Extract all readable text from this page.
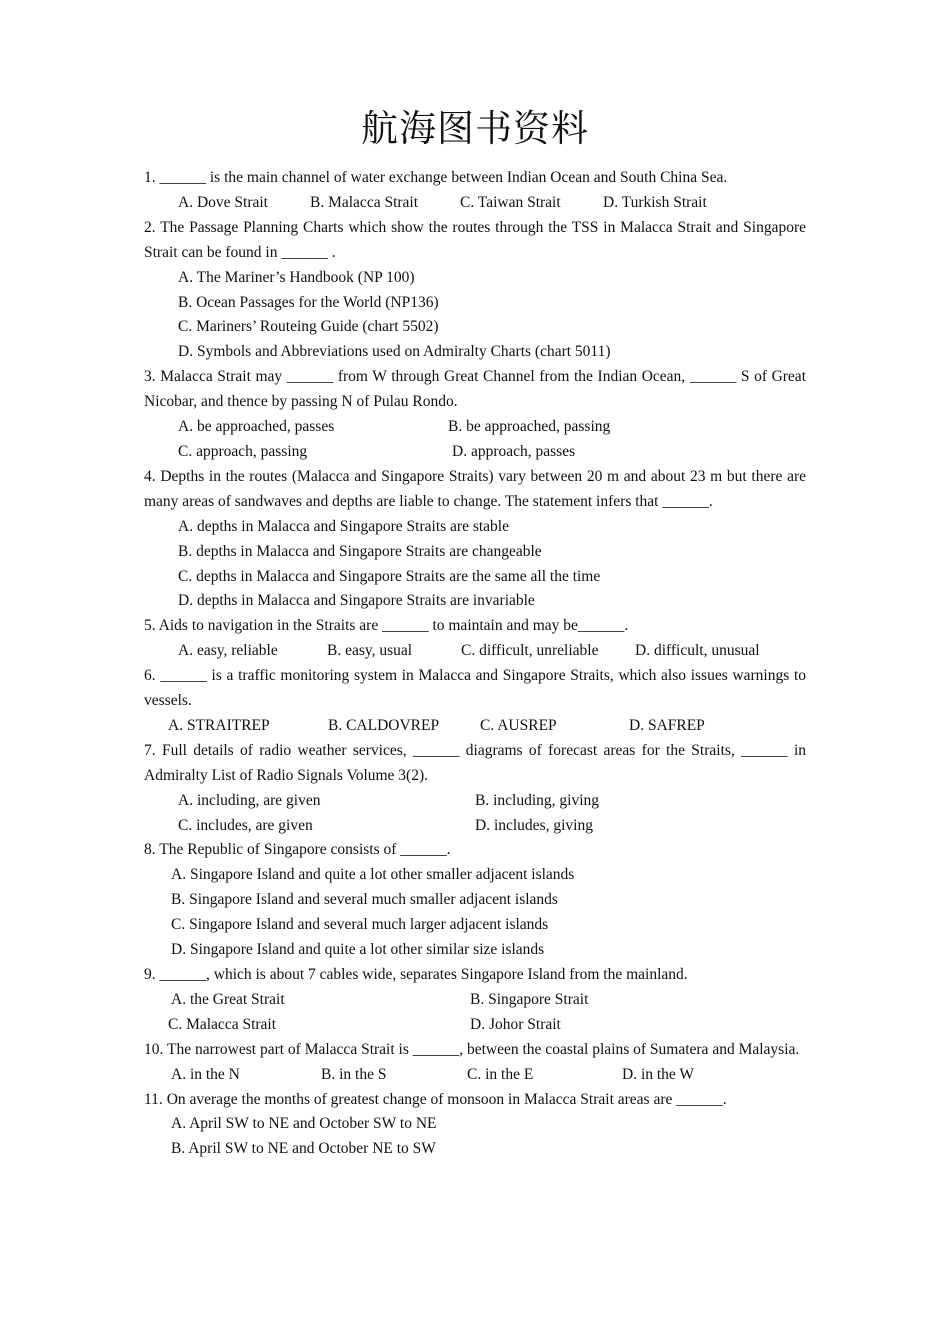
航海图书资料

1. ______ is the main channel of water exchange between Indian Ocean and South China Sea.

A. Dove Strait	B. Malacca Strait	C. Taiwan Strait	D. Turkish Strait

2. The Passage Planning Charts which show the routes through the TSS in Malacca Strait and Singapore Strait can be found in ______ .

A. The Mariner’s Handbook (NP 100)
B. Ocean Passages for the World (NP136)
C. Mariners’ Routeing Guide (chart 5502)
D. Symbols and Abbreviations used on Admiralty Charts (chart 5011)

3. Malacca Strait may ______ from W through Great Channel from the Indian Ocean, ______ S of Great Nicobar, and thence by passing N of Pulau Rondo.

A. be approached, passes	B. be approached, passing
C. approach, passing	D. approach, passes

4. Depths in the routes (Malacca and Singapore Straits) vary between 20 m and about 23 m but there are many areas of sandwaves and depths are liable to change. The statement infers that ______.

A. depths in Malacca and Singapore Straits are stable
B. depths in Malacca and Singapore Straits are changeable
C. depths in Malacca and Singapore Straits are the same all the time
D. depths in Malacca and Singapore Straits are invariable

5. Aids to navigation in the Straits are ______ to maintain and may be______.

A. easy, reliable	B. easy, usual	C. difficult, unreliable	D. difficult, unusual

6. ______ is a traffic monitoring system in Malacca and Singapore Straits, which also issues warnings to vessels.

A. STRAITREP	B. CALDOVREP	C. AUSREP	D. SAFREP

7. Full details of radio weather services, ______ diagrams of forecast areas for the Straits, ______ in Admiralty List of Radio Signals Volume 3(2).

A. including, are given	B. including, giving
C. includes, are given	D. includes, giving

8. The Republic of Singapore consists of ______.

A. Singapore Island and quite a lot other smaller adjacent islands
B. Singapore Island and several much smaller adjacent islands
C. Singapore Island and several much larger adjacent islands
D. Singapore Island and quite a lot other similar size islands

9. ______, which is about 7 cables wide, separates Singapore Island from the mainland.

A. the Great Strait	B. Singapore Strait
C. Malacca Strait	D. Johor Strait

10. The narrowest part of Malacca Strait is ______, between the coastal plains of Sumatera and Malaysia.

A. in the N	B. in the S	C. in the E	D. in the W

11. On average the months of greatest change of monsoon in Malacca Strait areas are ______.

A. April SW to NE and October SW to NE
B. April SW to NE and October NE to SW
